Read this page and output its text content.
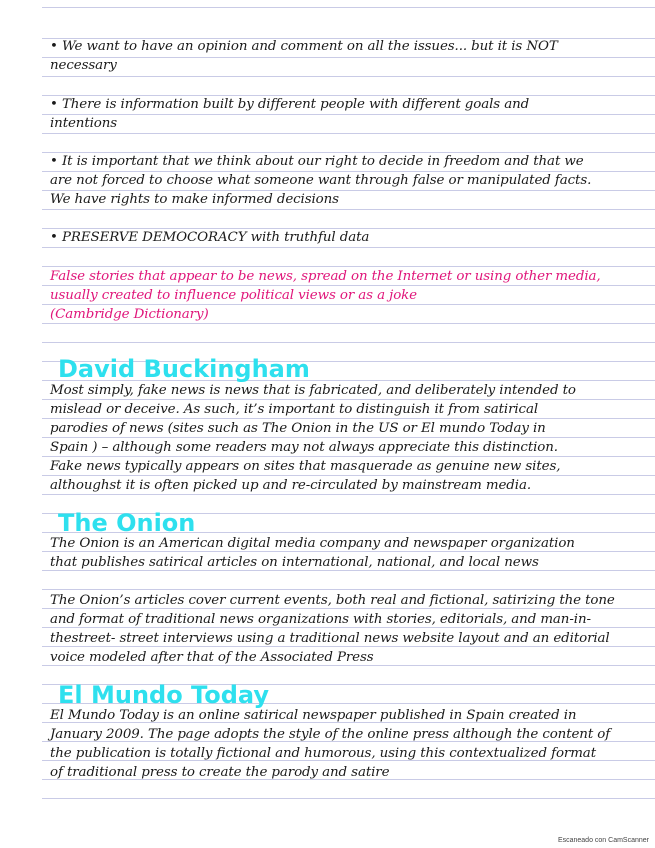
• We want to have an opinion and comment on all the issues... but it is NOT
necessary

• There is information built by different people with different goals and
intentions

• It is important that we think about our right to decide in freedom and that we
are not forced to choose what someone want through false or manipulated facts.
We have rights to make informed decisions

• PRESERVE DEMOCORACY with truthful data

False stories that appear to be news, spread on the Internet or using other media,
usually created to influence political views or as a joke
(Cambridge Dictionary)

David Buckingham

Most simply, fake news is news that is fabricated, and deliberately intended to
mislead or deceive. As such, it’s important to distinguish it from satirical
parodies of news (sites such as The Onion in the US or El mundo Today in
Spain ) – although some readers may not always appreciate this distinction.
Fake news typically appears on sites that masquerade as genuine new sites,
althoughst it is often picked up and re-circulated by mainstream media.

The Onion

The Onion is an American digital media company and newspaper organization
that publishes satirical articles on international, national, and local news

The Onion’s articles cover current events, both real and fictional, satirizing the tone
and format of traditional news organizations with stories, editorials, and man-in-
thestreet- street interviews using a traditional news website layout and an editorial
voice modeled after that of the Associated Press

El Mundo Today

El Mundo Today is an online satirical newspaper published in Spain created in
January 2009. The page adopts the style of the online press although the content of
the publication is totally fictional and humorous, using this contextualized format
of traditional press to create the parody and satire

Escaneado con CamScanner
